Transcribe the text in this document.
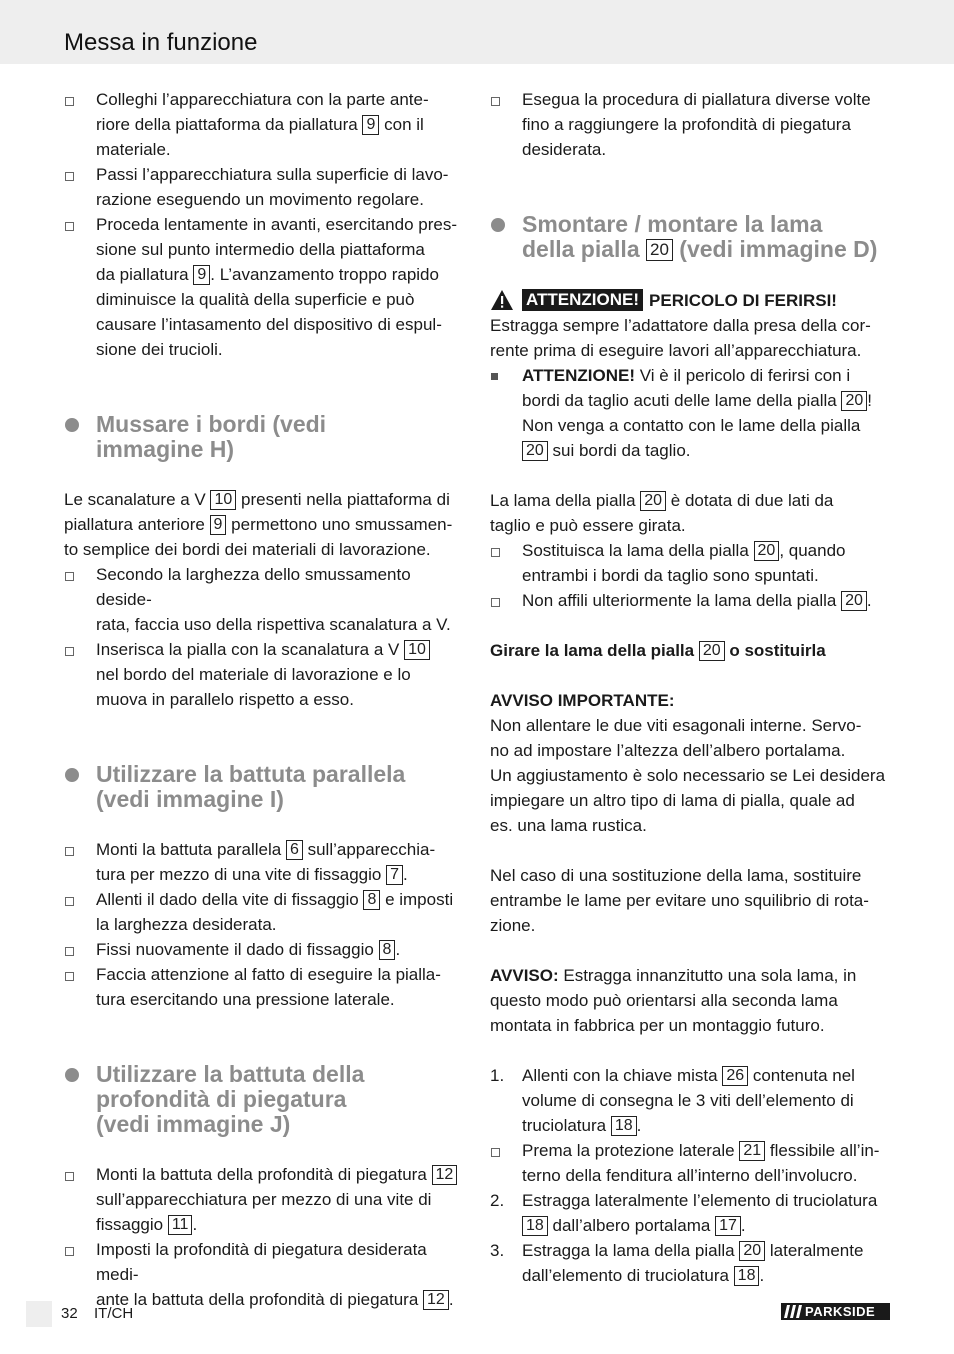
Messa in funzione
Colleghi l’apparecchiatura con la parte ante-
riore della piattaforma da piallatura 9 con il
materiale.
Passi l’apparecchiatura sulla superficie di lavo-
razione eseguendo un movimento regolare.
Proceda lentamente in avanti, esercitando pres-
sione sul punto intermedio della piattaforma
da piallatura 9 . L’avanzamento troppo rapido
diminuisce la qualità della superficie e può
causare l’intasamento del dispositivo di espul-
sione dei trucioli.
Mussare i bordi (vedi
immagine H)
Le scanalature a V 10 presenti nella piattaforma di
piallatura anteriore 9 permettono uno smussamen-
to semplice dei bordi dei materiali di lavorazione.
Secondo la larghezza dello smussamento deside-
rata, faccia uso della rispettiva scanalatura a V.
Inserisca la pialla con la scanalatura a V 10
nel bordo del materiale di lavorazione e lo
muova in parallelo rispetto a esso.
Utilizzare la battuta parallela
(vedi immagine I)
Monti la battuta parallela 6 sull’apparecchia-
tura per mezzo di una vite di fissaggio 7 .
Allenti il dado della vite di fissaggio 8 e imposti
la larghezza desiderata.
Fissi nuovamente il dado di fissaggio 8 .
Faccia attenzione al fatto di eseguire la pialla-
tura esercitando una pressione laterale.
Utilizzare la battuta della
profondità di piegatura
(vedi immagine J)
Monti la battuta della profondità di piegatura 12
sull’apparecchiatura per mezzo di una vite di
fissaggio 11 .
Imposti la profondità di piegatura desiderata medi-
ante la battuta della profondità di piegatura 12 .
Esegua la procedura di piallatura diverse volte
fino a raggiungere la profondità di piegatura
desiderata.
Smontare / montare la lama
della pialla 20 (vedi immagine D)
ATTENZIONE! PERICOLO DI FERIRSI!
Estragga sempre l’adattatore dalla presa della cor-
rente prima di eseguire lavori all’apparecchiatura.
ATTENZIONE! Vi è il pericolo di ferirsi con i
bordi da taglio acuti delle lame della pialla 20 !
Non venga a contatto con le lame della pialla
20 sui bordi da taglio.
La lama della pialla 20 è dotata di due lati da
taglio e può essere girata.
Sostituisca la lama della pialla 20 , quando
entrambi i bordi da taglio sono spuntati.
Non affili ulteriormente la lama della pialla 20 .
Girare la lama della pialla 20 o sostituirla
AVVISO IMPORTANTE:
Non allentare le due viti esagonali interne. Servo-
no ad impostare l’altezza dell’albero portalama.
Un aggiustamento è solo necessario se Lei desidera
impiegare un altro tipo di lama di pialla, quale ad
es. una lama rustica.
Nel caso di una sostituzione della lama, sostituire
entrambe le lame per evitare uno squilibrio di rota-
zione.
AVVISO: Estragga innanzitutto una sola lama, in
questo modo può orientarsi alla seconda lama
montata in fabbrica per un montaggio futuro.
1. Allenti con la chiave mista 26 contenuta nel
volume di consegna le 3 viti dell’elemento di
truciolatura 18 .
Prema la protezione laterale 21 flessibile all’in-
terno della fenditura all’interno dell’involucro.
2. Estragga lateralmente l’elemento di truciolatura
18 dall’albero portalama 17 .
3. Estragga la lama della pialla 20 lateralmente
dall’elemento di truciolatura 18 .
32 IT/CH	PARKSIDE
